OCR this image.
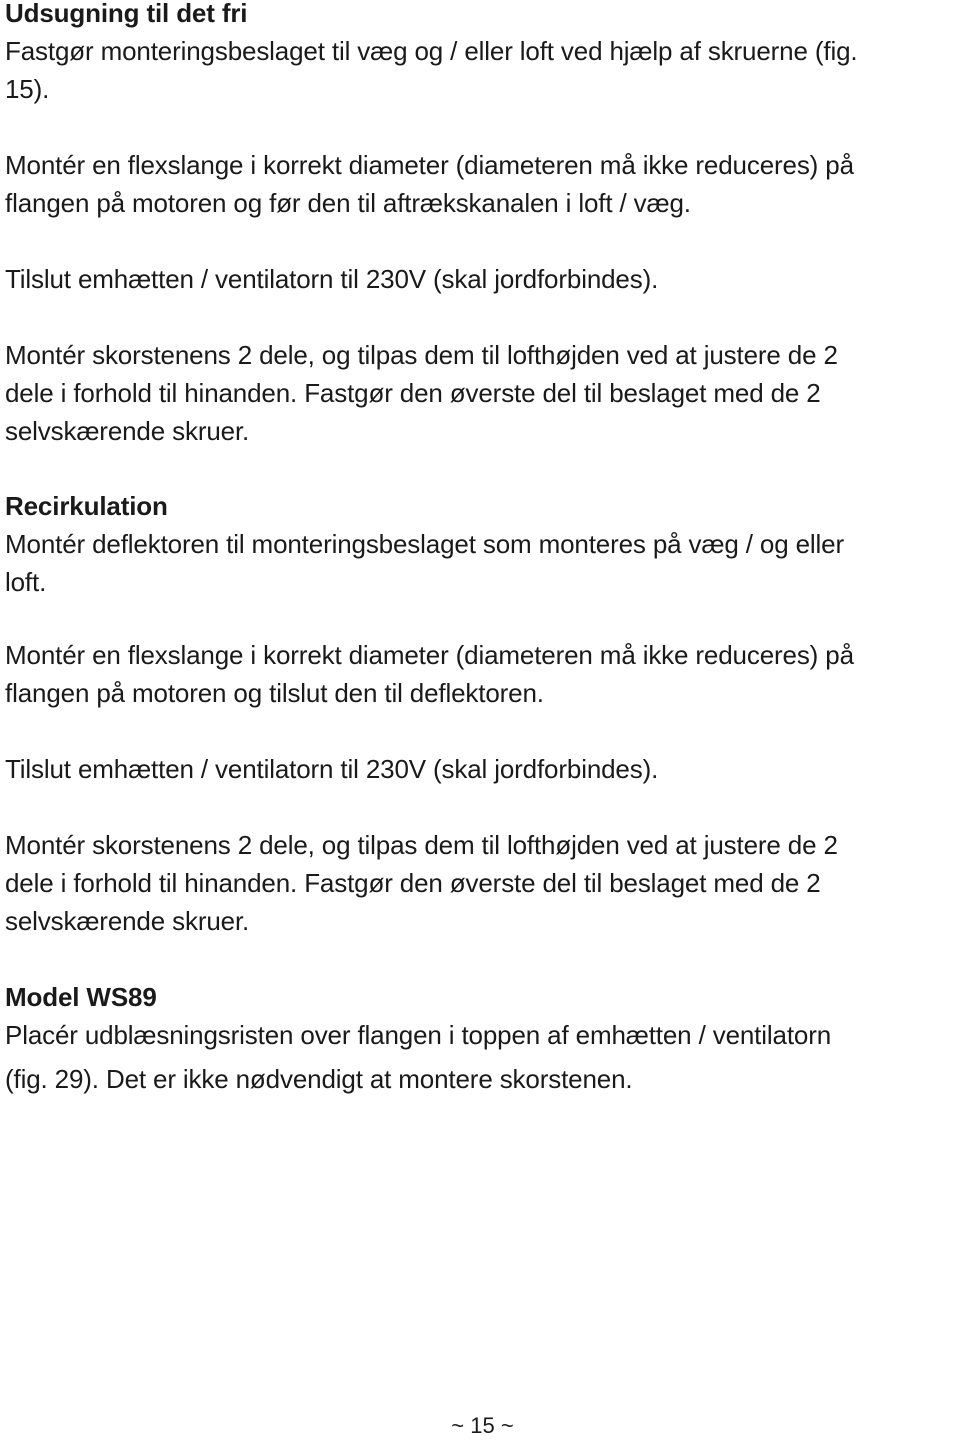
Udsugning til det fri
Fastgør monteringsbeslaget til væg og / eller loft ved hjælp af skruerne (fig.
15).
Montér en flexslange i korrekt diameter (diameteren må ikke reduceres) på
flangen på motoren og før den til aftrækskanalen i loft / væg.
Tilslut emhætten / ventilatorn til 230V (skal jordforbindes).
Montér skorstenens 2 dele, og tilpas dem til lofthøjden ved at justere de 2
dele i forhold til hinanden. Fastgør den øverste del til beslaget med de 2
selvskærende skruer.
Recirkulation
Montér deflektoren til monteringsbeslaget som monteres på væg / og eller
loft.
Montér en flexslange i korrekt diameter (diameteren må ikke reduceres) på
flangen på motoren og tilslut den til deflektoren.
Tilslut emhætten / ventilatorn til 230V (skal jordforbindes).
Montér skorstenens 2 dele, og tilpas dem til lofthøjden ved at justere de 2
dele i forhold til hinanden. Fastgør den øverste del til beslaget med de 2
selvskærende skruer.
Model WS89
Placér udblæsningsristen over flangen i toppen af emhætten / ventilatorn
(fig. 29). Det er ikke nødvendigt at montere skorstenen.
~ 15 ~
